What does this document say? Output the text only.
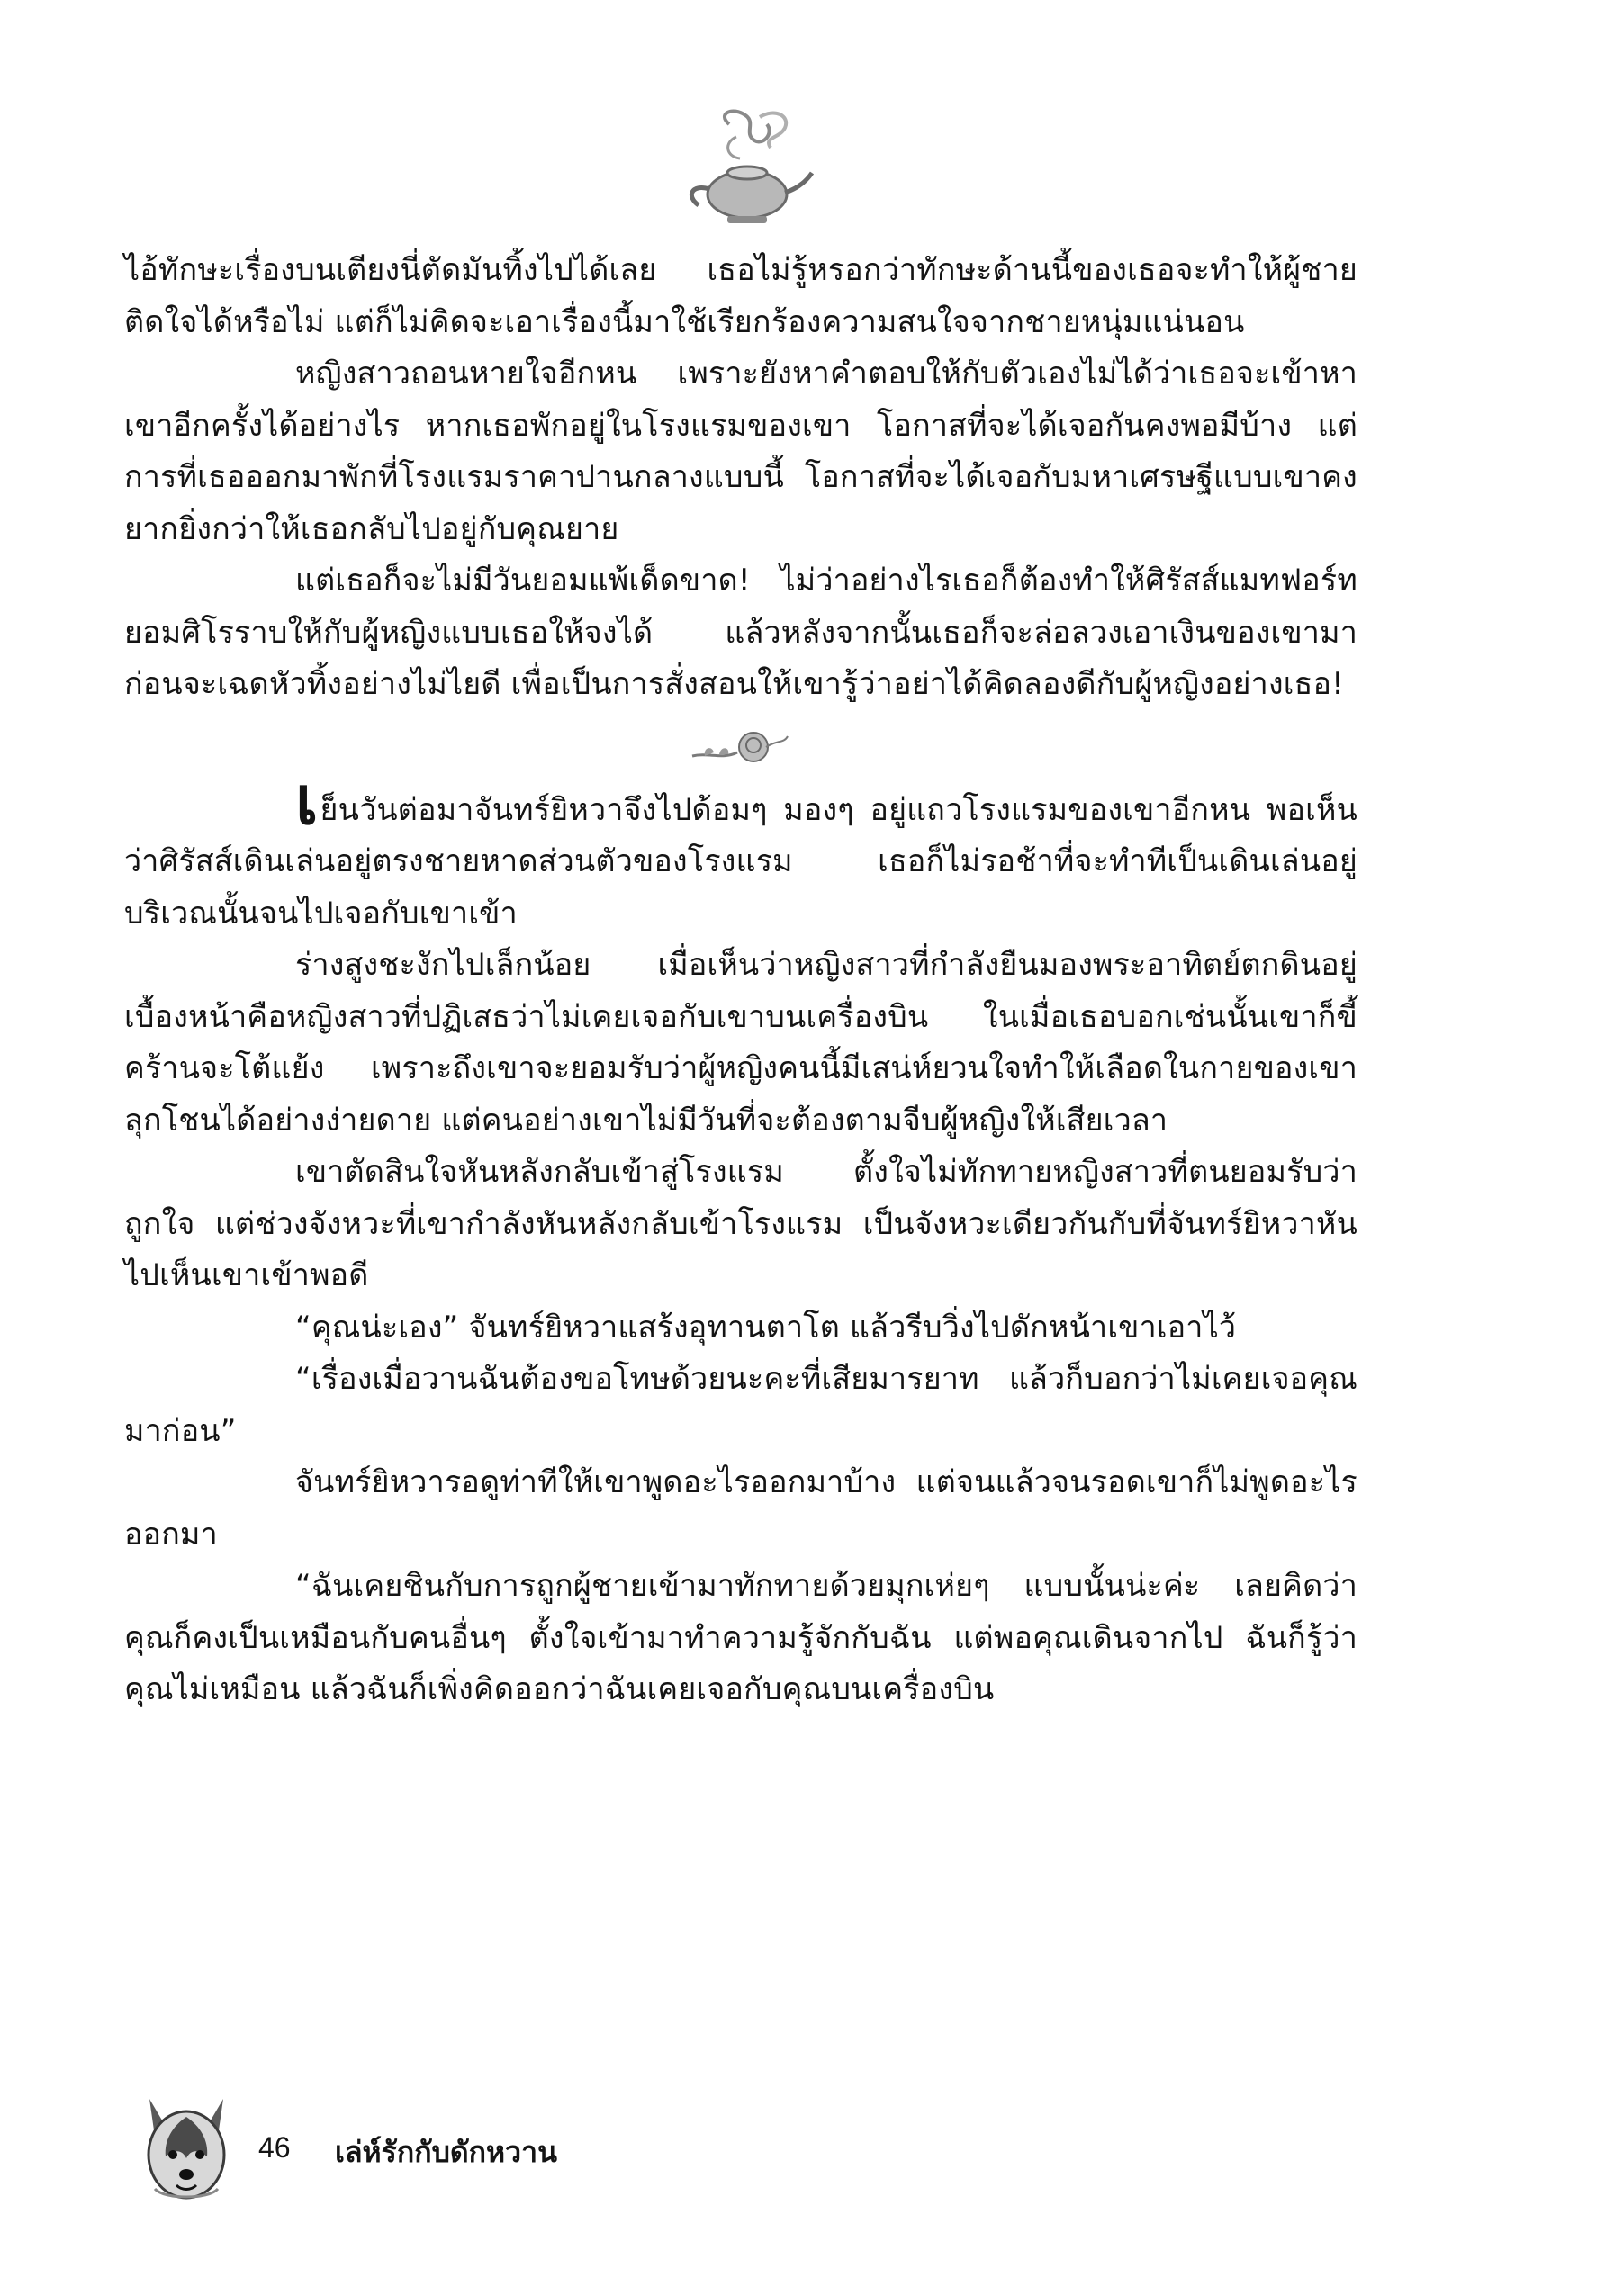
ไอ้ทักษะเรื่องบนเตียงนี่ตัดมันทิ้งไปได้เลย เธอไม่รู้หรอกว่าทักษะด้านนี้ของเธอจะทำให้ผู้ชายติดใจได้หรือไม่ แต่ก็ไม่คิดจะเอาเรื่องนี้มาใช้เรียกร้องความสนใจจากชายหนุ่มแน่นอน

หญิงสาวถอนหายใจอีกหน เพราะยังหาคำตอบให้กับตัวเองไม่ได้ว่าเธอจะเข้าหาเขาอีกครั้งได้อย่างไร หากเธอพักอยู่ในโรงแรมของเขา โอกาสที่จะได้เจอกันคงพอมีบ้าง แต่การที่เธอออกมาพักที่โรงแรมราคาปานกลางแบบนี้ โอกาสที่จะได้เจอกับมหาเศรษฐีแบบเขาคงยากยิ่งกว่าให้เธอกลับไปอยู่กับคุณยาย

แต่เธอก็จะไม่มีวันยอมแพ้เด็ดขาด! ไม่ว่าอย่างไรเธอก็ต้องทำให้ศิรัสส์แมทฟอร์ทยอมศิโรราบให้กับผู้หญิงแบบเธอให้จงได้ แล้วหลังจากนั้นเธอก็จะล่อลวงเอาเงินของเขามา ก่อนจะเฉดหัวทิ้งอย่างไม่ไยดี เพื่อเป็นการสั่งสอนให้เขารู้ว่าอย่าได้คิดลองดีกับผู้หญิงอย่างเธอ!

เย็นวันต่อมาจันทร์ยิหวาจึงไปด้อมๆ มองๆ อยู่แถวโรงแรมของเขาอีกหน พอเห็นว่าศิรัสส์เดินเล่นอยู่ตรงชายหาดส่วนตัวของโรงแรม เธอก็ไม่รอช้าที่จะทำทีเป็นเดินเล่นอยู่บริเวณนั้นจนไปเจอกับเขาเข้า

ร่างสูงชะงักไปเล็กน้อย เมื่อเห็นว่าหญิงสาวที่กำลังยืนมองพระอาทิตย์ตกดินอยู่เบื้องหน้าคือหญิงสาวที่ปฏิเสธว่าไม่เคยเจอกับเขาบนเครื่องบิน ในเมื่อเธอบอกเช่นนั้นเขาก็ขี้คร้านจะโต้แย้ง เพราะถึงเขาจะยอมรับว่าผู้หญิงคนนี้มีเสน่ห์ยวนใจทำให้เลือดในกายของเขาลุกโชนได้อย่างง่ายดาย แต่คนอย่างเขาไม่มีวันที่จะต้องตามจีบผู้หญิงให้เสียเวลา

เขาตัดสินใจหันหลังกลับเข้าสู่โรงแรม ตั้งใจไม่ทักทายหญิงสาวที่ตนยอมรับว่าถูกใจ แต่ช่วงจังหวะที่เขากำลังหันหลังกลับเข้าโรงแรม เป็นจังหวะเดียวกันกับที่จันทร์ยิหวาหันไปเห็นเขาเข้าพอดี

“คุณน่ะเอง” จันทร์ยิหวาแสร้งอุทานตาโต แล้วรีบวิ่งไปดักหน้าเขาเอาไว้

“เรื่องเมื่อวานฉันต้องขอโทษด้วยนะคะที่เสียมารยาท แล้วก็บอกว่าไม่เคยเจอคุณมาก่อน”

จันทร์ยิหวารอดูท่าทีให้เขาพูดอะไรออกมาบ้าง แต่จนแล้วจนรอดเขาก็ไม่พูดอะไรออกมา

“ฉันเคยชินกับการถูกผู้ชายเข้ามาทักทายด้วยมุกเห่ยๆ แบบนั้นน่ะค่ะ เลยคิดว่าคุณก็คงเป็นเหมือนกับคนอื่นๆ ตั้งใจเข้ามาทำความรู้จักกับฉัน แต่พอคุณเดินจากไป ฉันก็รู้ว่าคุณไม่เหมือน แล้วฉันก็เพิ่งคิดออกว่าฉันเคยเจอกับคุณบนเครื่องบิน

46 เล่ห์รักกับดักหวาน
